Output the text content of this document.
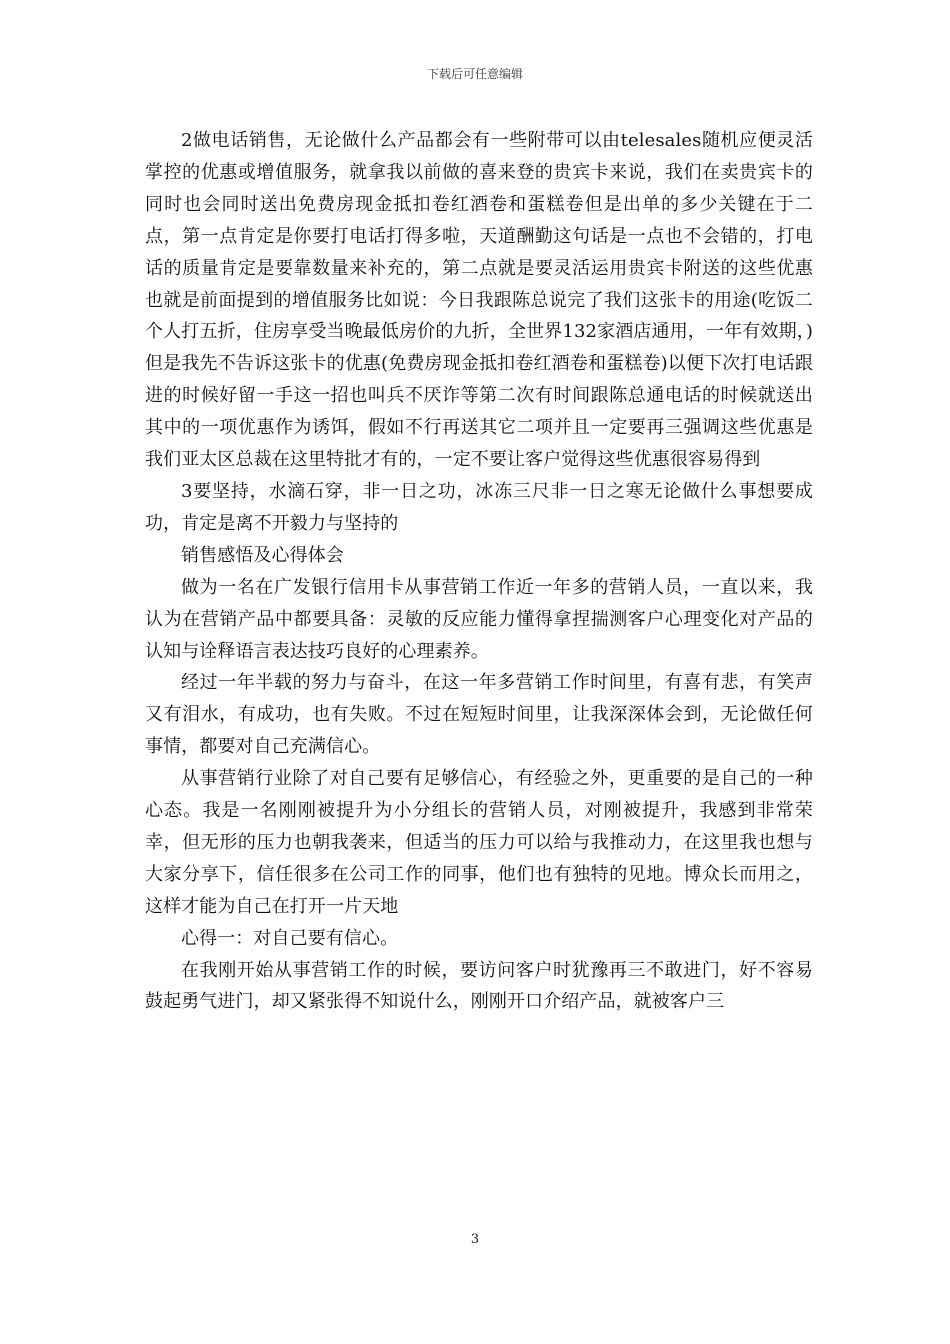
下载后可任意编辑

2做电话销售，无论做什么产品都会有一些附带可以由telesales随机应便灵活掌控的优惠或增值服务，就拿我以前做的喜来登的贵宾卡来说，我们在卖贵宾卡的同时也会同时送出免费房现金抵扣卷红酒卷和蛋糕卷但是出单的多少关键在于二点，第一点肯定是你要打电话打得多啦，天道酬勤这句话是一点也不会错的，打电话的质量肯定是要靠数量来补充的，第二点就是要灵活运用贵宾卡附送的这些优惠也就是前面提到的增值服务比如说：今日我跟陈总说完了我们这张卡的用途(吃饭二个人打五折，住房享受当晚最低房价的九折，全世界132家酒店通用，一年有效期，)但是我先不告诉这张卡的优惠(免费房现金抵扣卷红酒卷和蛋糕卷)以便下次打电话跟进的时候好留一手这一招也叫兵不厌诈等第二次有时间跟陈总通电话的时候就送出其中的一项优惠作为诱饵，假如不行再送其它二项并且一定要再三强调这些优惠是我们亚太区总裁在这里特批才有的，一定不要让客户觉得这些优惠很容易得到

3要坚持，水滴石穿，非一日之功，冰冻三尺非一日之寒无论做什么事想要成功，肯定是离不开毅力与坚持的

销售感悟及心得体会

做为一名在广发银行信用卡从事营销工作近一年多的营销人员，一直以来，我认为在营销产品中都要具备：灵敏的反应能力懂得拿捏揣测客户心理变化对产品的认知与诠释语言表达技巧良好的心理素养。

经过一年半载的努力与奋斗，在这一年多营销工作时间里，有喜有悲，有笑声又有泪水，有成功，也有失败。不过在短短时间里，让我深深体会到，无论做任何事情，都要对自己充满信心。

从事营销行业除了对自己要有足够信心，有经验之外，更重要的是自己的一种心态。我是一名刚刚被提升为小分组长的营销人员，对刚被提升，我感到非常荣幸，但无形的压力也朝我袭来，但适当的压力可以给与我推动力，在这里我也想与大家分享下，信任很多在公司工作的同事，他们也有独特的见地。博众长而用之，这样才能为自己在打开一片天地

心得一：对自己要有信心。

在我刚开始从事营销工作的时候，要访问客户时犹豫再三不敢进门，好不容易鼓起勇气进门，却又紧张得不知说什么，刚刚开口介绍产品，就被客户三

3
